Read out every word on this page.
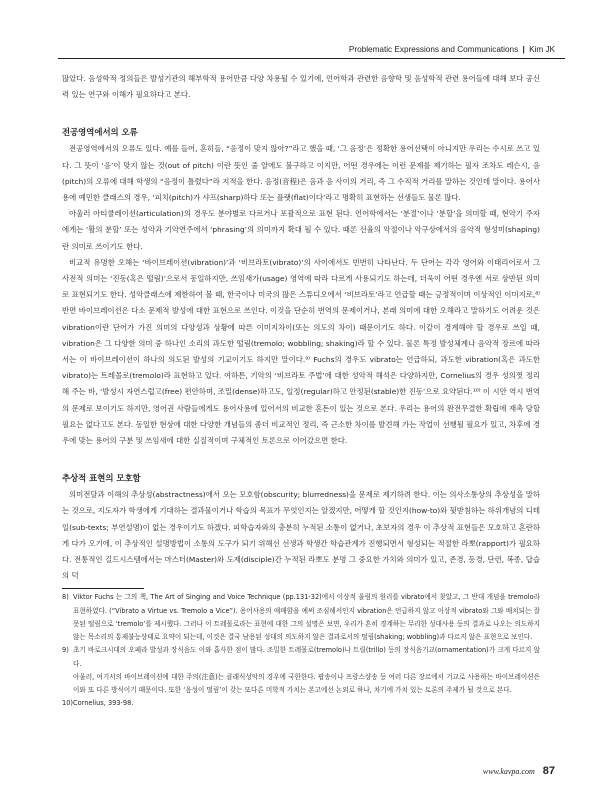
Problematic Expressions and Communications | Kim JK

많았다. 음성학적 정의들은 발성기관의 해부학적 용어만큼 다양 차용될 수 있기에, 언어학과 관련한 음향학 및 음성학적 관련 용어들에 대해 보다 공신력 있는 연구와 이해가 필요하다고 본다.

전공영역에서의 오류

전공영역에서의 오류도 있다. 예를 들어, 흔히들, “음정이 맞지 않아?”라고 했을 때, ‘그 음정’은 정확한 용어선택이 아니지만 우리는 수시로 쓰고 있다. 그 뜻이 ‘음’이 맞지 않는 것(out of pitch) 이란 뜻인 줄 알에도 불구하고 이지만, 어떤 경우에는 이런 문제를 제기하는 필자 조차도 레슨시, 음(pitch)의 오류에 대해 학생의 “음정이 틀렸다”라 지적을 한다. 음정(音程)은 음과 음 사이의 거리, 즉 그 수직적 거리를 말하는 것인데 말이다. 용어사용에 예민한 클래스의 경우, ‘피치(pitch)가 샤프(sharp)하다 또는 플랫(flat)이다’라고 명확히 표현하는 선생들도 물론 많다.

아울러 아티큘레이션(articulation)의 경우도 분야별로 다르거나 포괄적으로 표현 된다. 언어학에서는 ‘분절’이나 ‘분할’을 의미할 때, 현악기 주자에게는 ‘활의 분할’ 또는 성악과 기악연주에서 ‘phrasing’의 의미까지 확대 될 수 있다. 때론 선율의 악절이나 악구상에서의 음악적 형성미(shaping) 란 의미로 쓰이기도 한다.

비교적 유명한 오해는 ‘바이브레이션(vibration)’과 ‘비브라토(vibrato)’의 사이에서도 빈번히 나타난다. 두 단어는 각각 영어와 이태리어로서 그 사전적 의미는 ‘진동(혹은 떨림)’으로서 동일하지만, 쓰임새가(usage) 영역에 따라 다르게 사용되기도 하는데, 더욱이 어떤 경우엔 서로 상반된 의미로 표현되기도 한다. 성악클래스에 제한하여 볼 때, 한국이나 미국의 많은 스튜디오에서 ‘비브라토’라고 언급할 때는 긍정적이며 이상적인 이미지로,⁸⁾ 반면 바이브레이션은 다소 문제적 발성에 대한 표현으로 쓰인다. 이것을 단순히 번역의 문제이거나, 본래 의미에 대한 오해라고 말하기도 어려운 것은 vibration이란 단어가 가진 의미의 다양성과 상황에 따른 이미지차이(또는 의도의 차이) 때문이기도 하다. 이같이 경계해야 할 경우로 쓰일 때, vibration은 그 다양한 의미 중 하나인 소리의 과도한 떨림(tremolo; wobbling; shaking)라 할 수 있다. 물론 특정 발성체계나 음악적 장르에 따라서는 이 바이브레이션이 하나의 의도된 발성의 기교이기도 하지만 말이다.⁹⁾ Fuchs의 경우도 vibrato는 언급하되, 과도한 vibration(혹은 과도한 vibrato)는 트레몰로(tremolo)라 표현하고 있다. 여하튼, 기악의 ‘비브라토 주법’에 대한 성악적 해석은 다양하지만, Cornelius의 경우 성의껏 정리해 주는 바, ‘발성시 자연스럽고(free) 편안하며, 조밀(dense)하고도, 일정(regular)하고 안정된(stable)한 진동’으로 요약된다.¹⁰⁾ 이 시안 역시 번역의 문제로 보이기도 하지만, 영어권 사람들에게도 용어사용에 있어서의 비교한 혼돈이 있는 것으로 본다. 우리는 용어의 완전무결한 확립에 재촉 당할 필요는 없다고도 본다. 동일한 현상에 대한 다양한 개념들의 좀더 비교적인 정리, 즉 근소한 차이를 발견해 가는 작업이 선행될 필요가 있고, 차후에 경우에 맞는 용어의 구분 및 쓰임새에 대한 실질적이며 구체적인 토론으로 이어갔으면 한다.

추상적 표현의 모호함

의미전달과 이해의 추상성(abstractness)에서 오는 모호함(obscurity; blurredness)을 문제로 제기하려 한다. 이는 의사소통상의 추상성을 말하는 것으로, 지도자가 학생에게 기대하는 결과물이거나 학습의 목표가 무엇인지는 알겠지만, 어떻게 할 것인지(how-to)와 뒷받침하는 하위개념의 디테일(sub-texts; 부연설명)이 없는 경우이기도 하겠다. 피학습자와의 충분히 누적된 소통이 없거나, 초보자의 경우 이 추상적 표현들은 모호하고 혼란하게 다가 오기에, 이 추상적인 설명방법이 소통의 도구가 되기 위해선 선생과 학생간 학습관계가 진행되면서 형성되는 적절한 라뽀(rapport)가 필요하다. 전통적인 길드시스템에서는 마스터(Master)와 도제(disciple)간 누적된 라뽀도 분명 그 중요한 가치와 의미가 있고, 존경, 동경, 단련, 복종, 답습의 덕

8) Viktor Fuchs 는 그의 책, The Art of Singing and Voice Technique (pp.131-32)에서 이상적 울림의 원리를 vibrato에서 찾았고, 그 반대 개념을 tremolo라 표현하였다. (“Vibrato a Virtue vs. Tremolo a Vice”). 용어사용의 애매함을 예써 조심해서인지 vibration은 언급하지 않고 이상적 vibrato와 그와 배치되는 잘못된 떨림으로 ‘tremolo’를 제시했다. 그러나 이 트레몰로라는 표현에 대한 그의 설명은 보면, 우리가 흔히 경계하는 무리한 성대사용 등의 결과로 나오는 의도하지 않는 목소리의 통제불능상태로 요약이 되는데, 이것은 결국 남용된 성대의 의도하지 않은 결과로서의 떨림(shaking; wobbling)과 다르지 않은 표현으로 보인다.

9) 초기 바로크시대의 오페라 발성과 장식음도 이와 흡사한 점이 많다. 조밀한 트레몰로(tremolo)나 트릴(trillo) 등의 장식음기교(ornamentation)가 크게 다르지 않다.

아울러, 여기서의 바이브레이션에 대한 주의(注意)는 클래식성악의 경우에 국한한다. 팝송이나 프랑스샹송 등 여러 다른 장르에서 기교로 사용하는 바이브레이션은 이와 또 다른 방식이기 때문이다. 또한 ‘음성이 떨림’이 갖는 또다른 미학적 가치는 본고에선 논외로 하나, 차기에 가치 있는 토론의 주제가 될 것으로 본다.

10)Cornelius, 393-98.

www.kavpa.com 87
